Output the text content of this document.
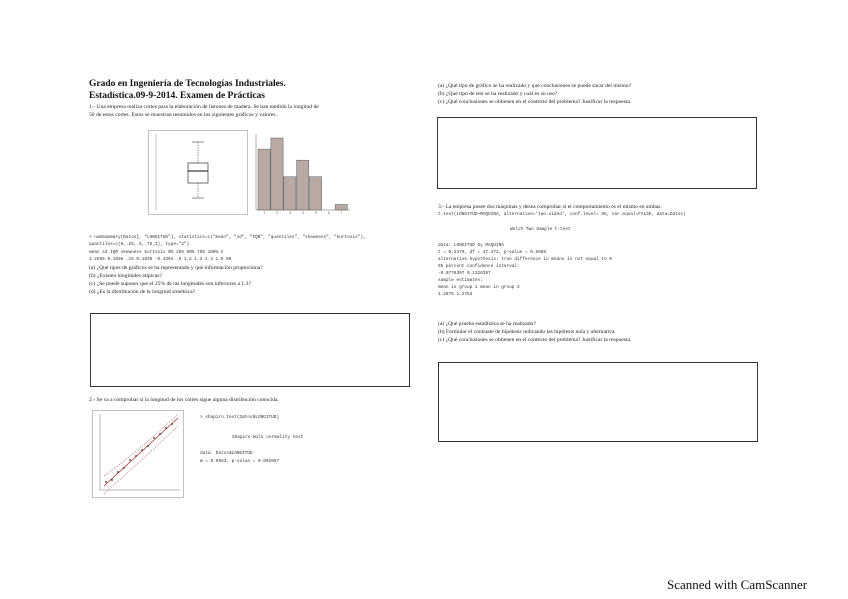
Grado en Ingeniería de Tecnologías Industriales.
Estadística.09-9-2014. Examen de Prácticas
1.- Una empresa realiza cortes para la elaboración de listones de madera. Se han medido la longitud de
50 de estos cortes. Estos se muestran resumidos en los siguientes gráficos y valores.
1	2	3	4	5	6	7
> numSummary(Datos[, "LONGITUD"], statistics=c("mean", "sd", "IQR", "quantiles", "skewness", "kurtosis"),
quantiles=c(0,.25,.5,.75,1), type="2")
mean sd IQR skewness kurtosis 0% 25% 50% 75% 100% n
1.2596 0.1596 .15 0.1936 -0.3394 .9 1.2 1.3 1.3 1.5 50
(a) ¿Qué tipos de gráficos se ha representado y qué información proporciona?
(b) ¿Existen longitudes atípicas?
(c) ¿Se puede suponer que el 25% de las longitudes son inferiores a 1.3?
(d) ¿Es la distribución de la longitud simétrica?
2.- Se va a comprobar si la longitud de los cortes sigue alguna distribución conocida.
> shapiro.test(Datos$LONGITUD)
Shapiro-Wilk normality test
data: Datos$LONGITUD
W = 0.9583, p-value = 0.002657
(a) ¿Qué tipo de gráfico se ha realizado y qué conclusiones se puede sacar del mismo?
(b) ¿Qué tipo de test se ha realizado y cuál es su uso?
(c) ¿Qué conclusiones se obtienen en el contexto del problema? Justificar la respuesta.
3.- La empresa posee dos máquinas y desea comprobar si el comportamiento es el mismo en ambas.
t.test(LONGITUD~MAQUINA, alternative='two.sided', conf.level=.95, var.equal=FALSE, data=Datos)
Welch Two Sample t-test
data: LONGITUD by MAQUINA
t = 0.2376, df = 47.372, p-value = 0.5969
alternative hypothesis: true difference in means is not equal to 0
95 percent confidence interval:
-0.0770397 0.1326397
sample estimates:
mean in group 1 mean in group 2
1.2875 1.2753
(a) ¿Qué prueba estadística se ha realizado?
(b) Formular el contraste de hipótesis indicando las hipótesis nula y alternativa.
(c) ¿Qué conclusiones se obtienen en el contexto del problema? Justificar la respuesta.
Scanned with CamScanner
